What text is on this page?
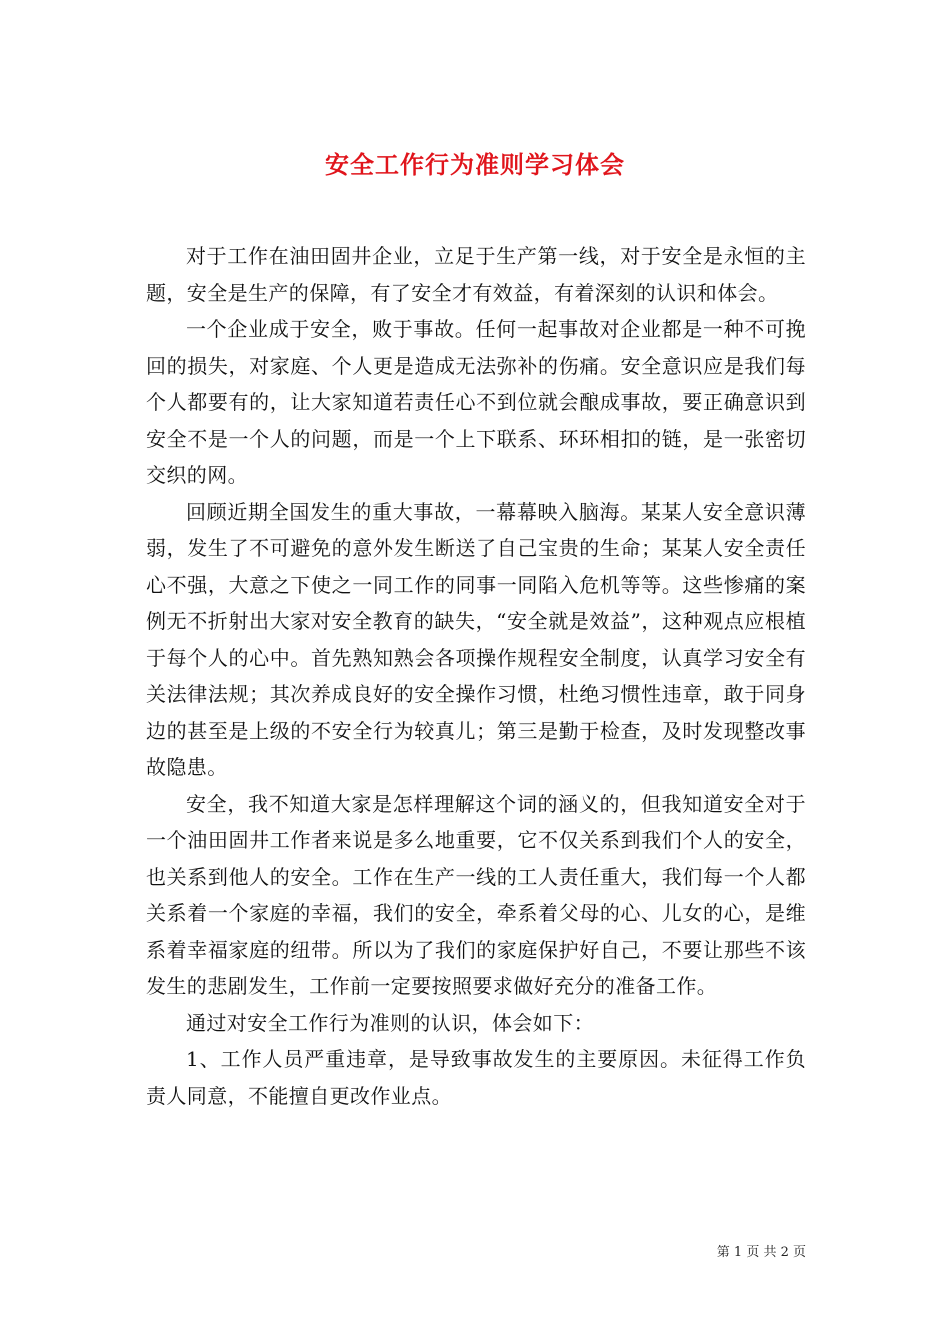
安全工作行为准则学习体会

对于工作在油田固井企业，立足于生产第一线，对于安全是永恒的主题，安全是生产的保障，有了安全才有效益，有着深刻的认识和体会。

一个企业成于安全，败于事故。任何一起事故对企业都是一种不可挽回的损失，对家庭、个人更是造成无法弥补的伤痛。安全意识应是我们每个人都要有的，让大家知道若责任心不到位就会酿成事故，要正确意识到安全不是一个人的问题，而是一个上下联系、环环相扣的链，是一张密切交织的网。

回顾近期全国发生的重大事故，一幕幕映入脑海。某某人安全意识薄弱，发生了不可避免的意外发生断送了自己宝贵的生命；某某人安全责任心不强，大意之下使之一同工作的同事一同陷入危机等等。这些惨痛的案例无不折射出大家对安全教育的缺失，“安全就是效益”，这种观点应根植于每个人的心中。首先熟知熟会各项操作规程安全制度，认真学习安全有关法律法规；其次养成良好的安全操作习惯，杜绝习惯性违章，敢于同身边的甚至是上级的不安全行为较真儿；第三是勤于检查，及时发现整改事故隐患。

安全，我不知道大家是怎样理解这个词的涵义的，但我知道安全对于一个油田固井工作者来说是多么地重要，它不仅关系到我们个人的安全，也关系到他人的安全。工作在生产一线的工人责任重大，我们每一个人都关系着一个家庭的幸福，我们的安全，牵系着父母的心、儿女的心，是维系着幸福家庭的纽带。所以为了我们的家庭保护好自己，不要让那些不该发生的悲剧发生，工作前一定要按照要求做好充分的准备工作。

通过对安全工作行为准则的认识，体会如下：

1、工作人员严重违章，是导致事故发生的主要原因。未征得工作负责人同意，不能擅自更改作业点。

第 1 页 共 2 页
